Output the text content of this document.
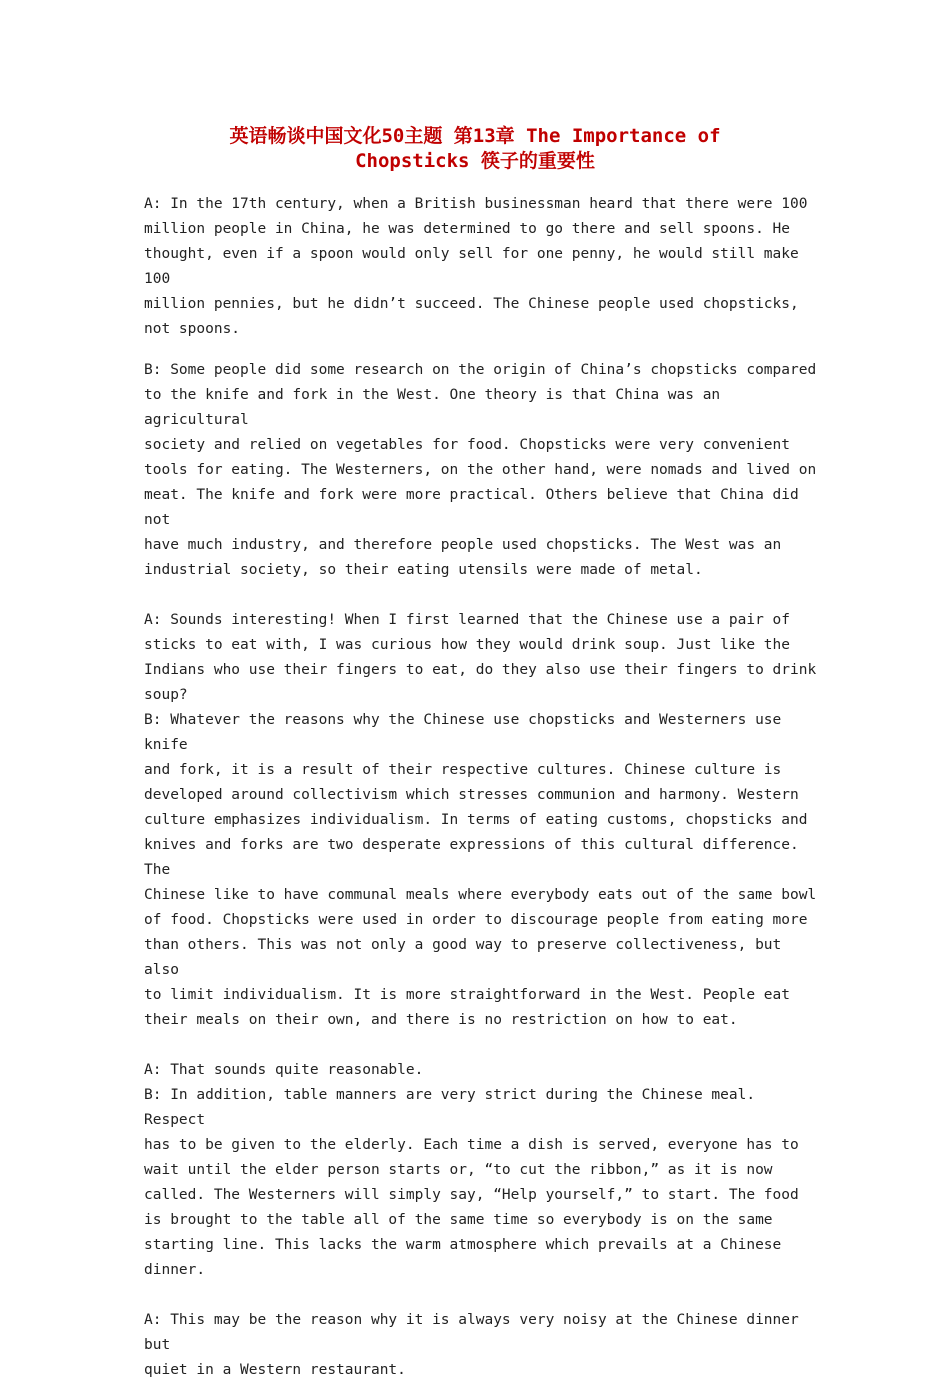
英语畅谈中国文化50主题 第13章 The Importance of
Chopsticks 筷子的重要性

A: In the 17th century, when a British businessman heard that there were 100
million people in China, he was determined to go there and sell spoons. He
thought, even if a spoon would only sell for one penny, he would still make 100
million pennies, but he didn’t succeed. The Chinese people used chopsticks,
not spoons.

B: Some people did some research on the origin of China’s chopsticks compared
to the knife and fork in the West. One theory is that China was an agricultural
society and relied on vegetables for food. Chopsticks were very convenient
tools for eating. The Westerners, on the other hand, were nomads and lived on
meat. The knife and fork were more practical. Others believe that China did not
have much industry, and therefore people used chopsticks. The West was an
industrial society, so their eating utensils were made of metal.

A: Sounds interesting! When I first learned that the Chinese use a pair of
sticks to eat with, I was curious how they would drink soup. Just like the
Indians who use their fingers to eat, do they also use their fingers to drink
soup?

B: Whatever the reasons why the Chinese use chopsticks and Westerners use knife
and fork, it is a result of their respective cultures. Chinese culture is
developed around collectivism which stresses communion and harmony. Western
culture emphasizes individualism. In terms of eating customs, chopsticks and
knives and forks are two desperate expressions of this cultural difference. The
Chinese like to have communal meals where everybody eats out of the same bowl
of food. Chopsticks were used in order to discourage people from eating more
than others. This was not only a good way to preserve collectiveness, but also
to limit individualism. It is more straightforward in the West. People eat
their meals on their own, and there is no restriction on how to eat.

A: That sounds quite reasonable.

B: In addition, table manners are very strict during the Chinese meal. Respect
has to be given to the elderly. Each time a dish is served, everyone has to
wait until the elder person starts or, “to cut the ribbon,” as it is now
called. The Westerners will simply say, “Help yourself,” to start. The food
is brought to the table all of the same time so everybody is on the same
starting line. This lacks the warm atmosphere which prevails at a Chinese
dinner.

A: This may be the reason why it is always very noisy at the Chinese dinner but
quiet in a Western restaurant.
